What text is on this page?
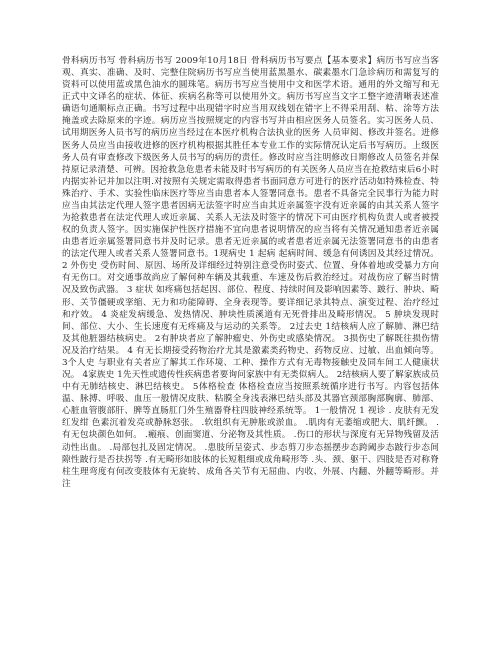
骨科病历书写 骨科病历书写 2009年10月18日 骨科病历书写要点【基本要求】病历书写应当客观、真实、准确、及时、完整住院病历书写应当使用蓝黑墨水、碳素墨水门急诊病历和需复写的资料可以使用蓝或黑色油水的圆珠笔。病历书写应当使用中文和医学术语。通用的外文缩写和无正式中文译名的症状、体征、疾病名称等可以使用外文。病历书写应当文字工整字迹清晰表述准确语句通顺标点正确。书写过程中出现错字时应当用双线划在错字上不得采用刮、粘、涂等方法掩盖或去除原来的字迹。病历应当按照规定的内容书写并由相应医务人员签名。实习医务人员、试用期医务人员书写的病历应当经过在本医疗机构合法执业的医务 人员审阅、修改并签名。进修医务人员应当由接收进修的医疗机构根据其胜任本专业工作的实际情况认定后书写病历。上级医务人员有审查修改下级医务人员书写的病历的责任。修改时应当注明修改日期修改人员签名并保持原记录清楚、可辨。因抢救急危患者未能及时书写病历的有关医务人员应当在抢救结束后6小时内据实补记并加以注明.对按照有关规定需取得患者书面同意方可进行的医疗活动如特殊检查、特殊治疗、手术、实验性临床医疗等应当由患者本人签署同意书。患者不具备完全民事行为能力时应当由其法定代理人签字患者因病无法签字时应当由其近亲属签字没有近亲属的由其关系人签字为抢救患者在法定代理人或近亲属、关系人无法及时签字的情况下可由医疗机构负责人或者被授权的负责人签字。因实施保护性医疗措施不宜向患者说明情况的应当将有关情况通知患者近亲属由患者近亲属签署同意书并及时记录。患者无近亲属的或者患者近亲属无法签署同意书的由患者的法定代理人或者关系人签署同意书。1现病史 1 起病 起病时间、缓急有何诱因及其经过情况。 2 外伤史 受伤时间、原因、场所及详细经过特别注意受伤时姿式、位置、身体着地或受暴力方向有无伤口。对交通事故尚应了解何种车辆及其载重、车速及伤后救治经过。对战伤应了解当时情况及致伤武器。 3 症状 如疼痛包括起因、部位、程度、持续时间及影响因素等、跛行、肿块、畸形、关节僵硬或挛缩、无力和功能障碍、全身表现等。要详细记录其特点、演变过程、治疗经过和疗效。 4 炎症发病缓急、发热情况、肿块性质溪道有无死骨排出及畸形情况。 5 肿块发现时间、部位、大小、生长速度有无疼痛及与运动的关系等。 2过去史 1结核病人应了解肺、淋巴结及其他脏器结核病史。 2有肿块者应了解肿瘤史、外伤史或感染情况。 3损伤史了解既往损伤情况及治疗结果。 4 有无长期接受药物治疗尤其是激素类药物史、药物反应、过敏、出血倾向等。 3个人史 与职业有关者应了解其工作环境、工种、操作方式有无毒物接触史及同车间工人健康状况。 4家族史 1先天性或遗传性疾病患者要询问家族中有无类似病人。 2结核病人要了解家族成员中有无肺结核史、淋巴结核史。 5体格检查 体格检查应当按照系统循序进行书写。内容包括体温、脉搏、呼吸、血压一般情况皮肤、粘膜全身浅表淋巴结头部及其器官颈部胸部胸廓、肺部、心脏血管腹部肝、脾等直肠肛门外生殖器脊柱四肢神经系统等。 1一般情况 1 视诊 . 皮肤有无发红发绀 色素沉着发亮或静脉怒张。 .软组织有无肿胀或淤血。 .肌肉有无萎缩或肥大、肌纤颤。 .有无包块颜色如何。 .瘢痕、创面窦道、分泌物及其性质。 .伤口的形状与深度有无异物残留及活动性出血。 .局部包扎及固定情况。 .患肢所呈姿式、步态剪刀步态摇摆步态跨阈步态跛行步态间隙性跛行是否扶拐等 .有无畸形如肢体的长短粗细或成角畸形等 .头、颈、躯干、四肢是否对称脊柱生理弯度有何改变肢体有无旋转、成角各关节有无屈曲、内收、外展、内翻、外翻等畸形。并注
